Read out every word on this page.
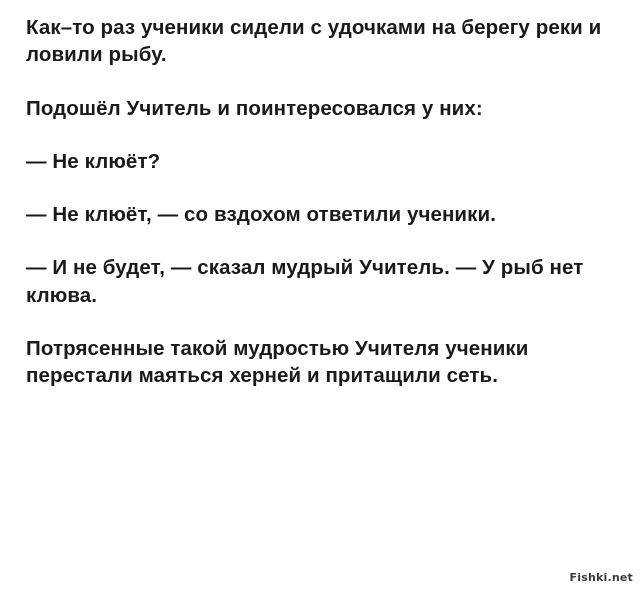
Как–то раз ученики сидели с удочками на берегу реки и ловили рыбу.

Подошёл Учитель и поинтересовался у них:

— Не клюёт?

— Не клюёт, — со вздохом ответили ученики.

— И не будет, — сказал мудрый Учитель. — У рыб нет клюва.

Потрясенные такой мудростью Учителя ученики перестали маяться херней и притащили сеть.

Fishki.net
